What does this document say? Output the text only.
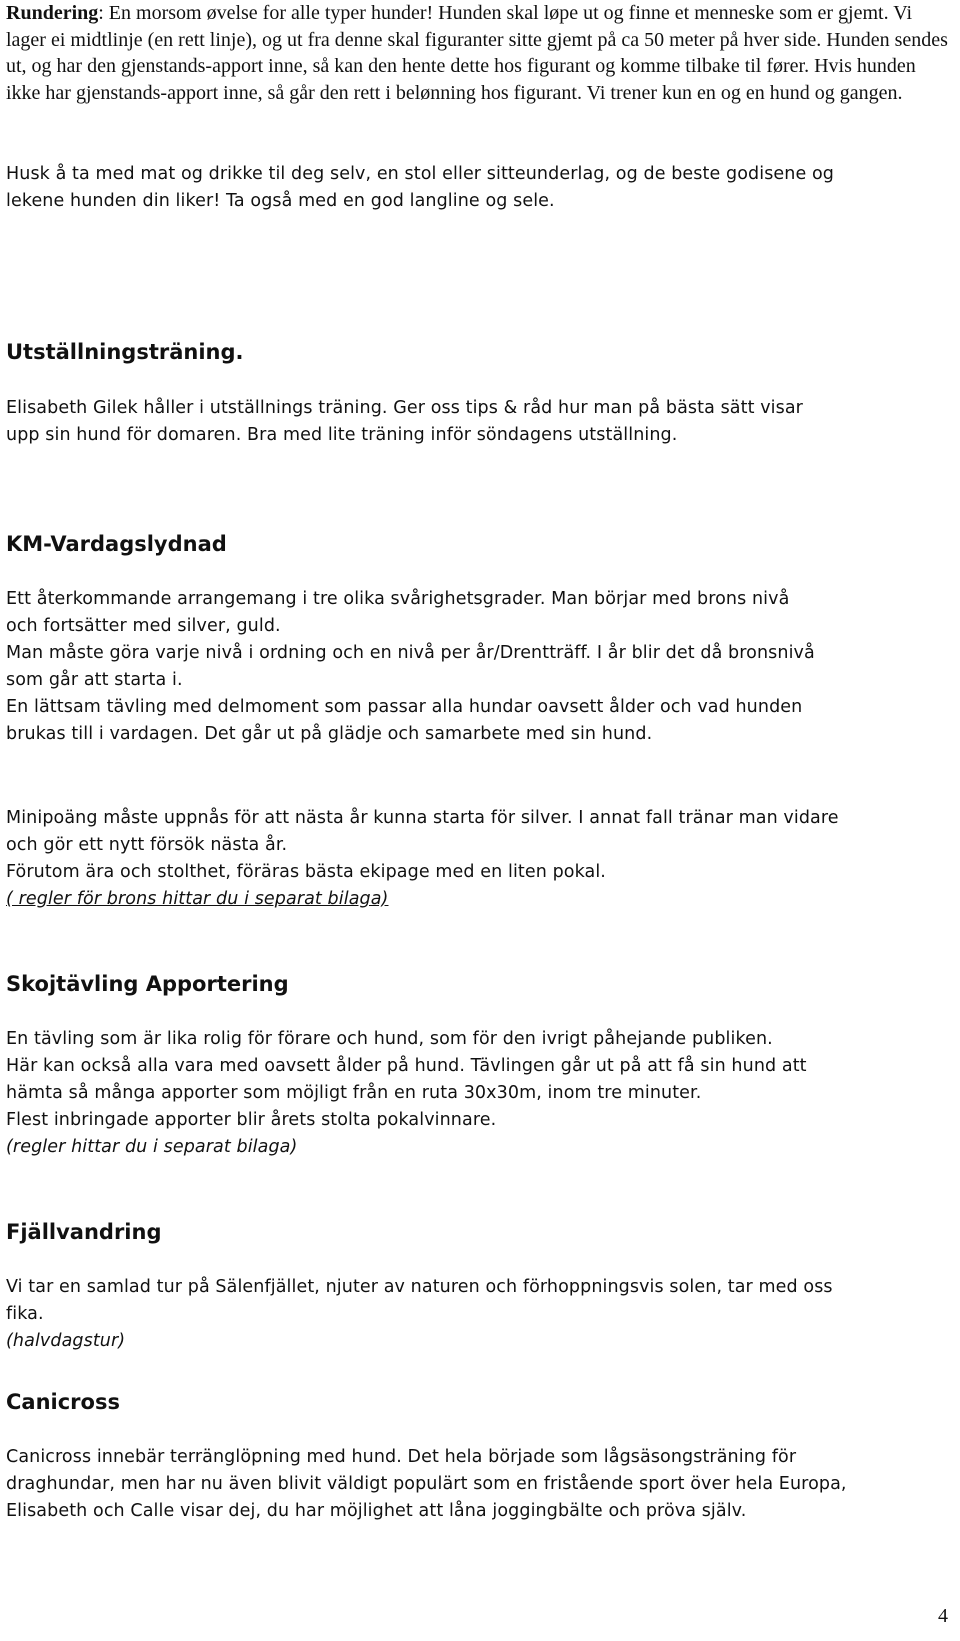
Rundering: En morsom øvelse for alle typer hunder! Hunden skal løpe ut og finne et menneske som er gjemt. Vi lager ei midtlinje (en rett linje), og ut fra denne skal figuranter sitte gjemt på ca 50 meter på hver side. Hunden sendes ut, og har den gjenstands-apport inne, så kan den hente dette hos figurant og komme tilbake til fører. Hvis hunden ikke har gjenstands-apport inne, så går den rett i belønning hos figurant. Vi trener kun en og en hund og gangen.
Husk å ta med mat og drikke til deg selv, en stol eller sitteunderlag, og de beste godisene og
lekene hunden din liker! Ta også med en god langline og sele.
Utställningsträning.
Elisabeth Gilek håller i utställnings träning. Ger oss tips & råd hur man på bästa sätt visar
upp sin hund för domaren. Bra med lite träning inför söndagens utställning.
KM-Vardagslydnad
Ett återkommande arrangemang i tre olika svårighetsgrader. Man börjar med brons nivå
och fortsätter med silver, guld.
Man måste göra varje nivå i ordning och en nivå per år/Drentträff. I år blir det då bronsnivå
som går att starta i.
En lättsam tävling med delmoment som passar alla hundar oavsett ålder och vad hunden
brukas till i vardagen. Det går ut på glädje och samarbete med sin hund.
Minipoäng måste uppnås för att nästa år kunna starta för silver. I annat fall tränar man vidare
och gör ett nytt försök nästa år.
Förutom ära och stolthet, föräras bästa ekipage med en liten pokal.
( regler för brons hittar du i separat bilaga)
Skojtävling Apportering
En tävling som är lika rolig för förare och hund, som för den ivrigt påhejande publiken.
Här kan också alla vara med oavsett ålder på hund. Tävlingen går ut på att få sin hund att
hämta så många apporter som möjligt från en ruta 30x30m, inom tre minuter.
Flest inbringade apporter blir årets stolta pokalvinnare.
(regler hittar du i separat bilaga)
Fjällvandring
Vi tar en samlad tur på Sälenfjället, njuter av naturen och förhoppningsvis solen, tar med oss
fika.
(halvdagstur)
Canicross
Canicross innebär terränglöpning med hund. Det hela började som lågsäsongsträning för
draghundar, men har nu även blivit väldigt populärt som en fristående sport över hela Europa,
Elisabeth och Calle visar dej, du har möjlighet att låna joggingbälte och pröva själv.
4
